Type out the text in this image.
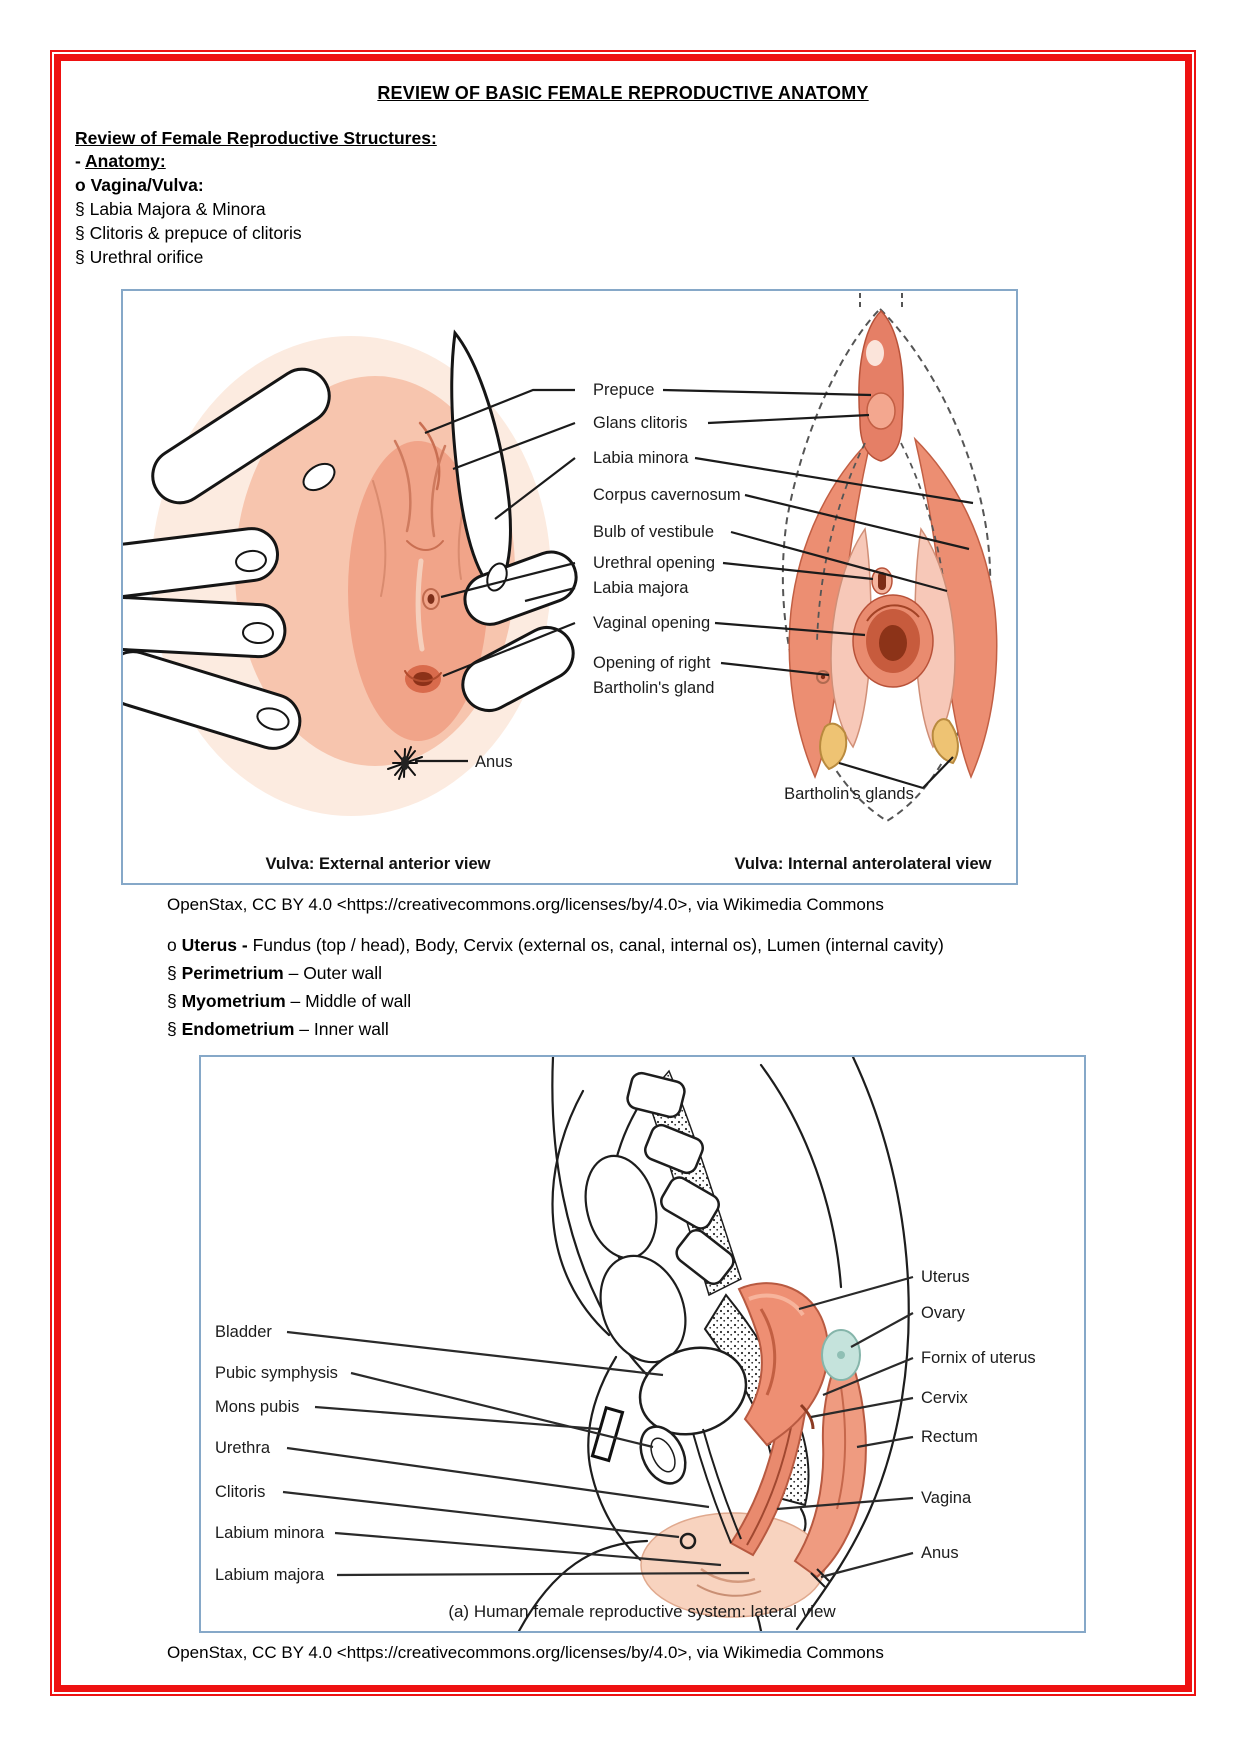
REVIEW OF BASIC FEMALE REPRODUCTIVE ANATOMY
Review of Female Reproductive Structures:
- Anatomy:
o Vagina/Vulva:
§ Labia Majora & Minora
§ Clitoris & prepuce of clitoris
§ Urethral orifice
Prepuce
Glans clitoris
Labia minora
Corpus cavernosum
Bulb of vestibule
Urethral opening
Labia majora
Vaginal opening
Opening of right
Bartholin's gland
Anus
Bartholin's glands
Vulva: External anterior view	Vulva: Internal anterolateral view
OpenStax, CC BY 4.0 <https://creativecommons.org/licenses/by/4.0>, via Wikimedia Commons
o Uterus - Fundus (top / head), Body, Cervix (external os, canal, internal os), Lumen (internal cavity)
§ Perimetrium – Outer wall
§ Myometrium – Middle of wall
§ Endometrium – Inner wall
Bladder
Pubic symphysis
Mons pubis
Urethra
Clitoris
Labium minora
Labium majora
Uterus
Ovary
Fornix of uterus
Cervix
Rectum
Vagina
Anus
(a) Human female reproductive system: lateral view
OpenStax, CC BY 4.0 <https://creativecommons.org/licenses/by/4.0>, via Wikimedia Commons
